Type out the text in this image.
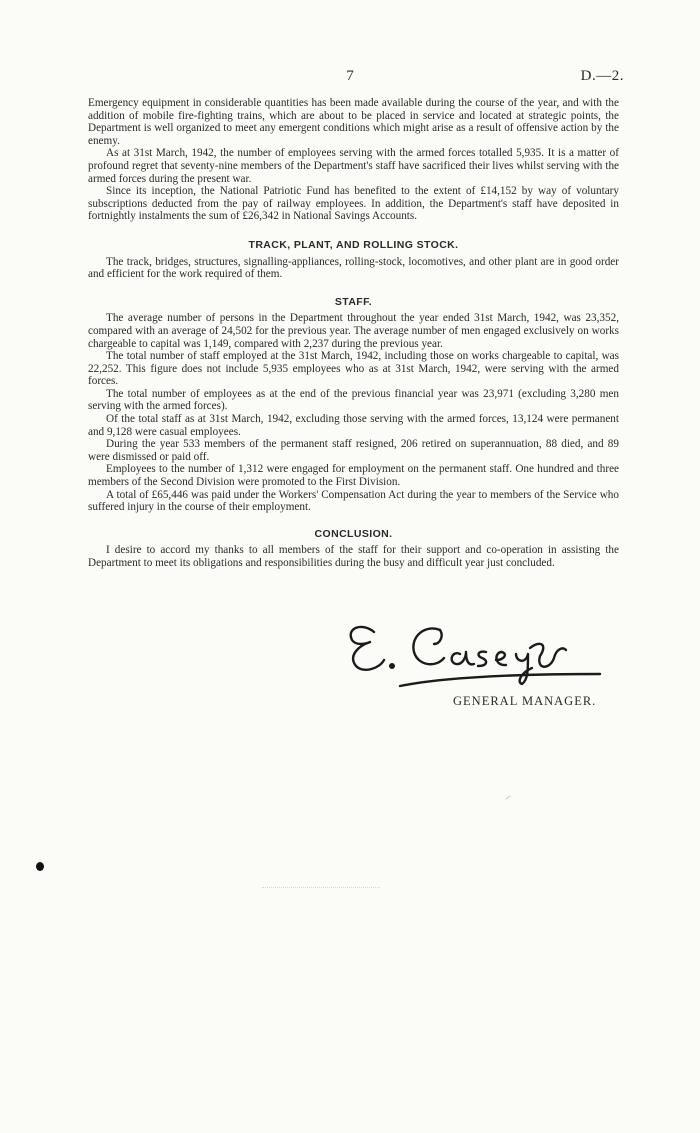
7	D.—2.

Emergency equipment in considerable quantities has been made available during the course of the year, and with the addition of mobile fire-fighting trains, which are about to be placed in service and located at strategic points, the Department is well organized to meet any emergent conditions which might arise as a result of offensive action by the enemy.

As at 31st March, 1942, the number of employees serving with the armed forces totalled 5,935. It is a matter of profound regret that seventy-nine members of the Department's staff have sacrificed their lives whilst serving with the armed forces during the present war.

Since its inception, the National Patriotic Fund has benefited to the extent of £14,152 by way of voluntary subscriptions deducted from the pay of railway employees. In addition, the Department's staff have deposited in fortnightly instalments the sum of £26,342 in National Savings Accounts.

TRACK, PLANT, AND ROLLING STOCK.

The track, bridges, structures, signalling-appliances, rolling-stock, locomotives, and other plant are in good order and efficient for the work required of them.

STAFF.

The average number of persons in the Department throughout the year ended 31st March, 1942, was 23,352, compared with an average of 24,502 for the previous year. The average number of men engaged exclusively on works chargeable to capital was 1,149, compared with 2,237 during the previous year.

The total number of staff employed at the 31st March, 1942, including those on works chargeable to capital, was 22,252. This figure does not include 5,935 employees who as at 31st March, 1942, were serving with the armed forces.

The total number of employees as at the end of the previous financial year was 23,971 (excluding 3,280 men serving with the armed forces).

Of the total staff as at 31st March, 1942, excluding those serving with the armed forces, 13,124 were permanent and 9,128 were casual employees.

During the year 533 members of the permanent staff resigned, 206 retired on superannuation, 88 died, and 89 were dismissed or paid off.

Employees to the number of 1,312 were engaged for employment on the permanent staff. One hundred and three members of the Second Division were promoted to the First Division.

A total of £65,446 was paid under the Workers' Compensation Act during the year to members of the Service who suffered injury in the course of their employment.

CONCLUSION.

I desire to accord my thanks to all members of the staff for their support and co-operation in assisting the Department to meet its obligations and responsibilities during the busy and difficult year just concluded.

GENERAL MANAGER.
